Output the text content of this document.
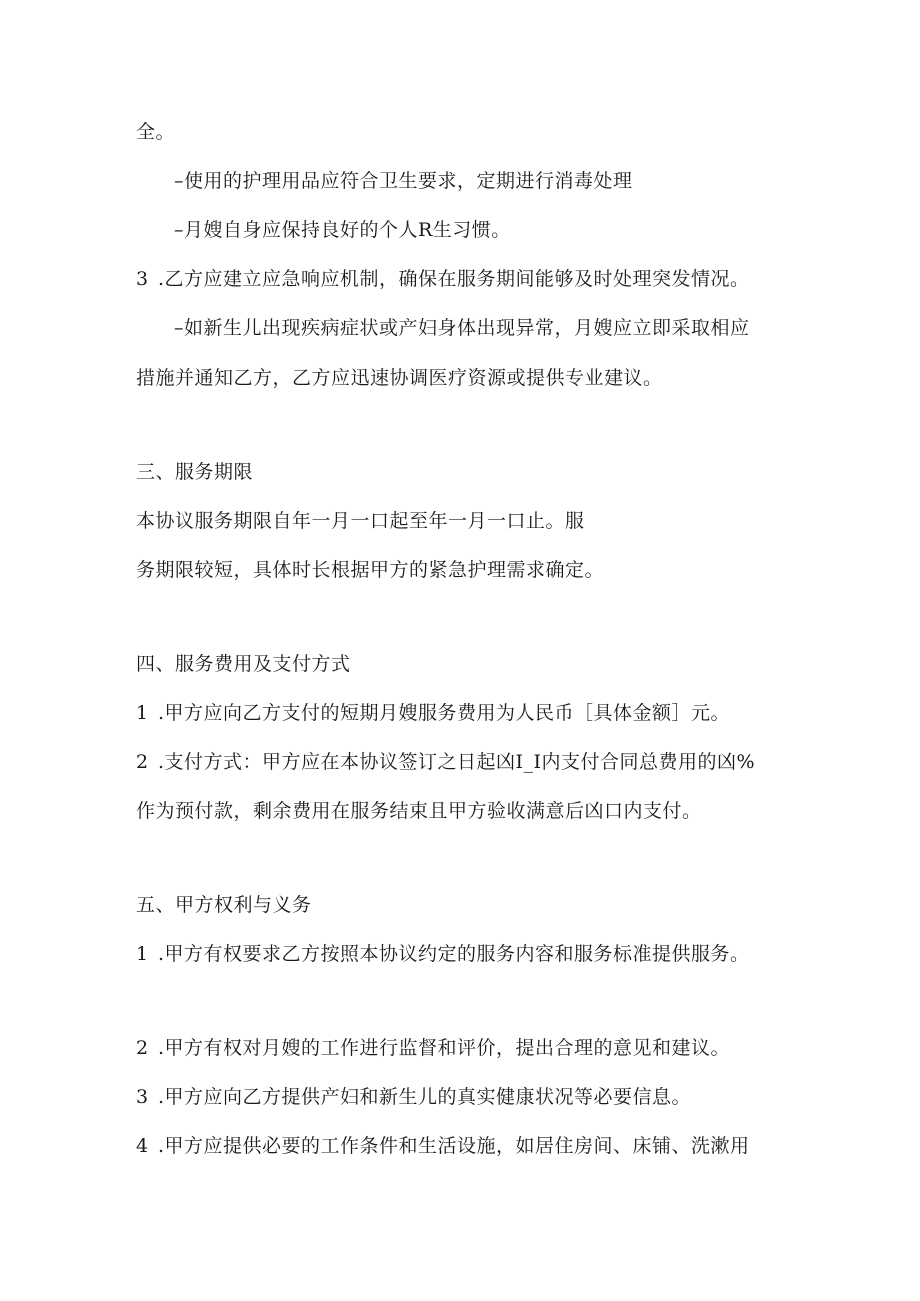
全。
–使用的护理用品应符合卫生要求，定期进行消毒处理
–月嫂自身应保持良好的个人R生习惯。
3 .乙方应建立应急响应机制，确保在服务期间能够及时处理突发情况。
–如新生儿出现疾病症状或产妇身体出现异常，月嫂应立即采取相应
措施并通知乙方，乙方应迅速协调医疗资源或提供专业建议。
三、服务期限
本协议服务期限自年一月一口起至年一月一口止。服
务期限较短，具体时长根据甲方的紧急护理需求确定。
四、服务费用及支付方式
1 .甲方应向乙方支付的短期月嫂服务费用为人民币［具体金额］元。
2 .支付方式：甲方应在本协议签订之日起凶I_I内支付合同总费用的凶%
作为预付款，剩余费用在服务结束且甲方验收满意后凶口内支付。
五、甲方权利与义务
1 .甲方有权要求乙方按照本协议约定的服务内容和服务标准提供服务。
2 .甲方有权对月嫂的工作进行监督和评价，提出合理的意见和建议。
3 .甲方应向乙方提供产妇和新生儿的真实健康状况等必要信息。
4 .甲方应提供必要的工作条件和生活设施，如居住房间、床铺、洗漱用
